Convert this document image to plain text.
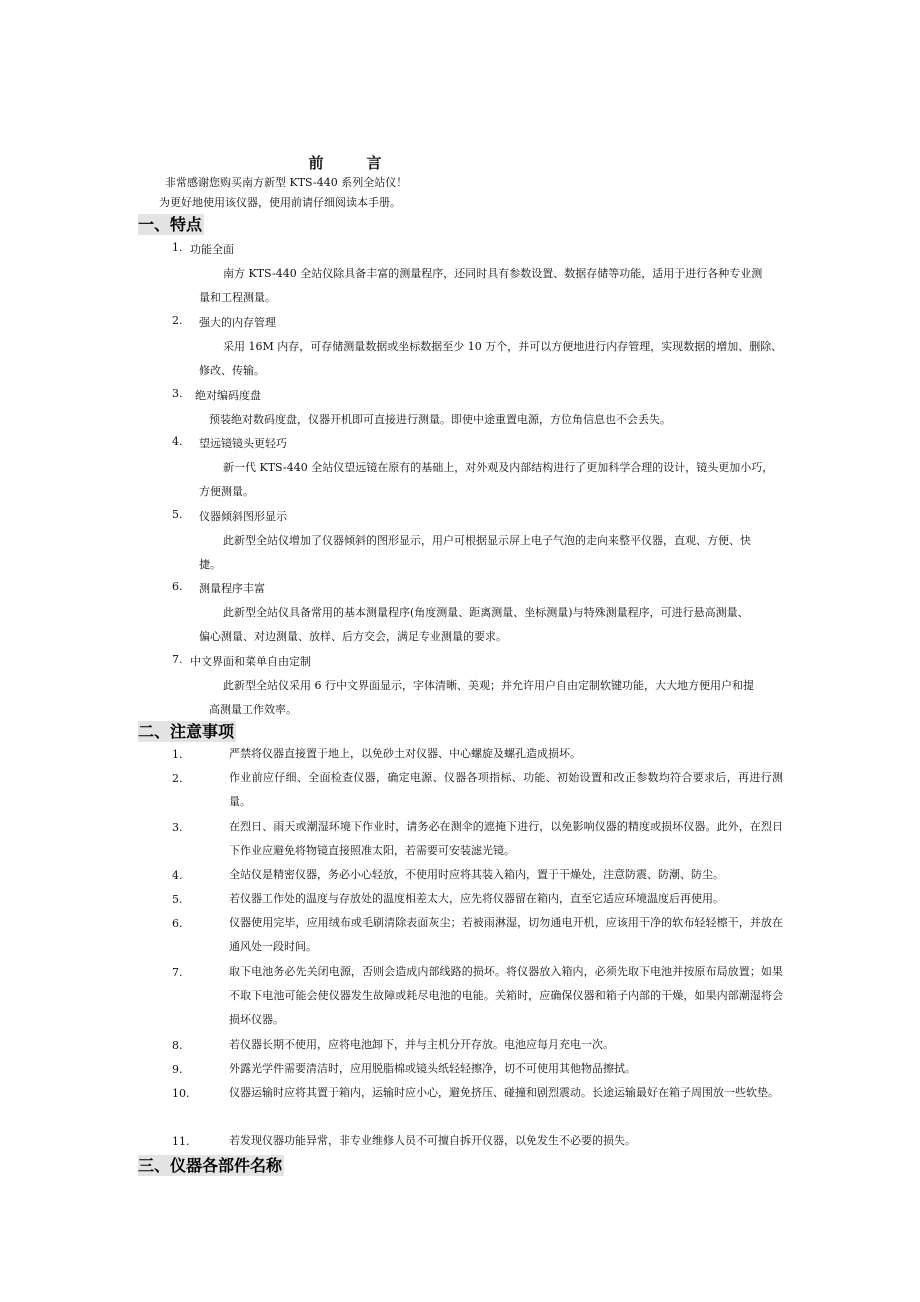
前　言
非常感谢您购买南方新型 KTS-440 系列全站仪！
为更好地使用该仪器，使用前请仔细阅读本手册。
一、特点
1. 功能全面
南方 KTS-440 全站仪除具备丰富的测量程序，还同时具有参数设置、数据存储等功能，适用于进行各种专业测
量和工程测量。
2. 强大的内存管理
采用 16M 内存，可存储测量数据或坐标数据至少 10 万个，并可以方便地进行内存管理，实现数据的增加、删除、
修改、传输。
3. 绝对编码度盘
预装绝对数码度盘，仪器开机即可直接进行测量。即使中途重置电源，方位角信息也不会丢失。
4. 望远镜镜头更轻巧
新一代 KTS-440 全站仪望远镜在原有的基础上，对外观及内部结构进行了更加科学合理的设计，镜头更加小巧，
方便测量。
5. 仪器倾斜图形显示
此新型全站仪增加了仪器倾斜的图形显示，用户可根据显示屏上电子气泡的走向来整平仪器，直观、方便、快
捷。
6. 测量程序丰富
此新型全站仪具备常用的基本测量程序(角度测量、距离测量、坐标测量)与特殊测量程序，可进行悬高测量、
偏心测量、对边测量、放样、后方交会，满足专业测量的要求。
7. 中文界面和菜单自由定制
此新型全站仪采用 6 行中文界面显示，字体清晰、美观；并允许用户自由定制软键功能，大大地方便用户和提
高测量工作效率。
二、注意事项
1.	严禁将仪器直接置于地上，以免砂土对仪器、中心螺旋及螺孔造成损坏。
2.	作业前应仔细、全面检查仪器，确定电源、仪器各项指标、功能、初始设置和改正参数均符合要求后，再进行测量。
3.	在烈日、雨天或潮湿环境下作业时，请务必在测伞的遮掩下进行，以免影响仪器的精度或损坏仪器。此外，在烈日下作业应避免将物镜直接照准太阳，若需要可安装滤光镜。
4.	全站仪是精密仪器，务必小心轻放，不使用时应将其装入箱内，置于干燥处，注意防震、防潮、防尘。
5.	若仪器工作处的温度与存放处的温度相差太大，应先将仪器留在箱内，直至它适应环境温度后再使用。
6.	仪器使用完毕，应用绒布或毛刷清除表面灰尘；若被雨淋湿，切勿通电开机，应该用干净的软布轻轻檫干，并放在通风处一段时间。
7.	取下电池务必先关闭电源，否则会造成内部线路的损坏。将仪器放入箱内，必须先取下电池并按原布局放置；如果不取下电池可能会使仪器发生故障或耗尽电池的电能。关箱时，应确保仪器和箱子内部的干燥，如果内部潮湿将会损坏仪器。
8.	若仪器长期不使用，应将电池卸下，并与主机分开存放。电池应每月充电一次。
9.	外露光学件需要清洁时，应用脱脂棉或镜头纸轻轻擦净，切不可使用其他物品擦拭。
10.	仪器运输时应将其置于箱内，运输时应小心，避免挤压、碰撞和剧烈震动。长途运输最好在箱子周围放一些软垫。
11.	若发现仪器功能异常，非专业维修人员不可擅自拆开仪器，以免发生不必要的损失。
三、仪器各部件名称
